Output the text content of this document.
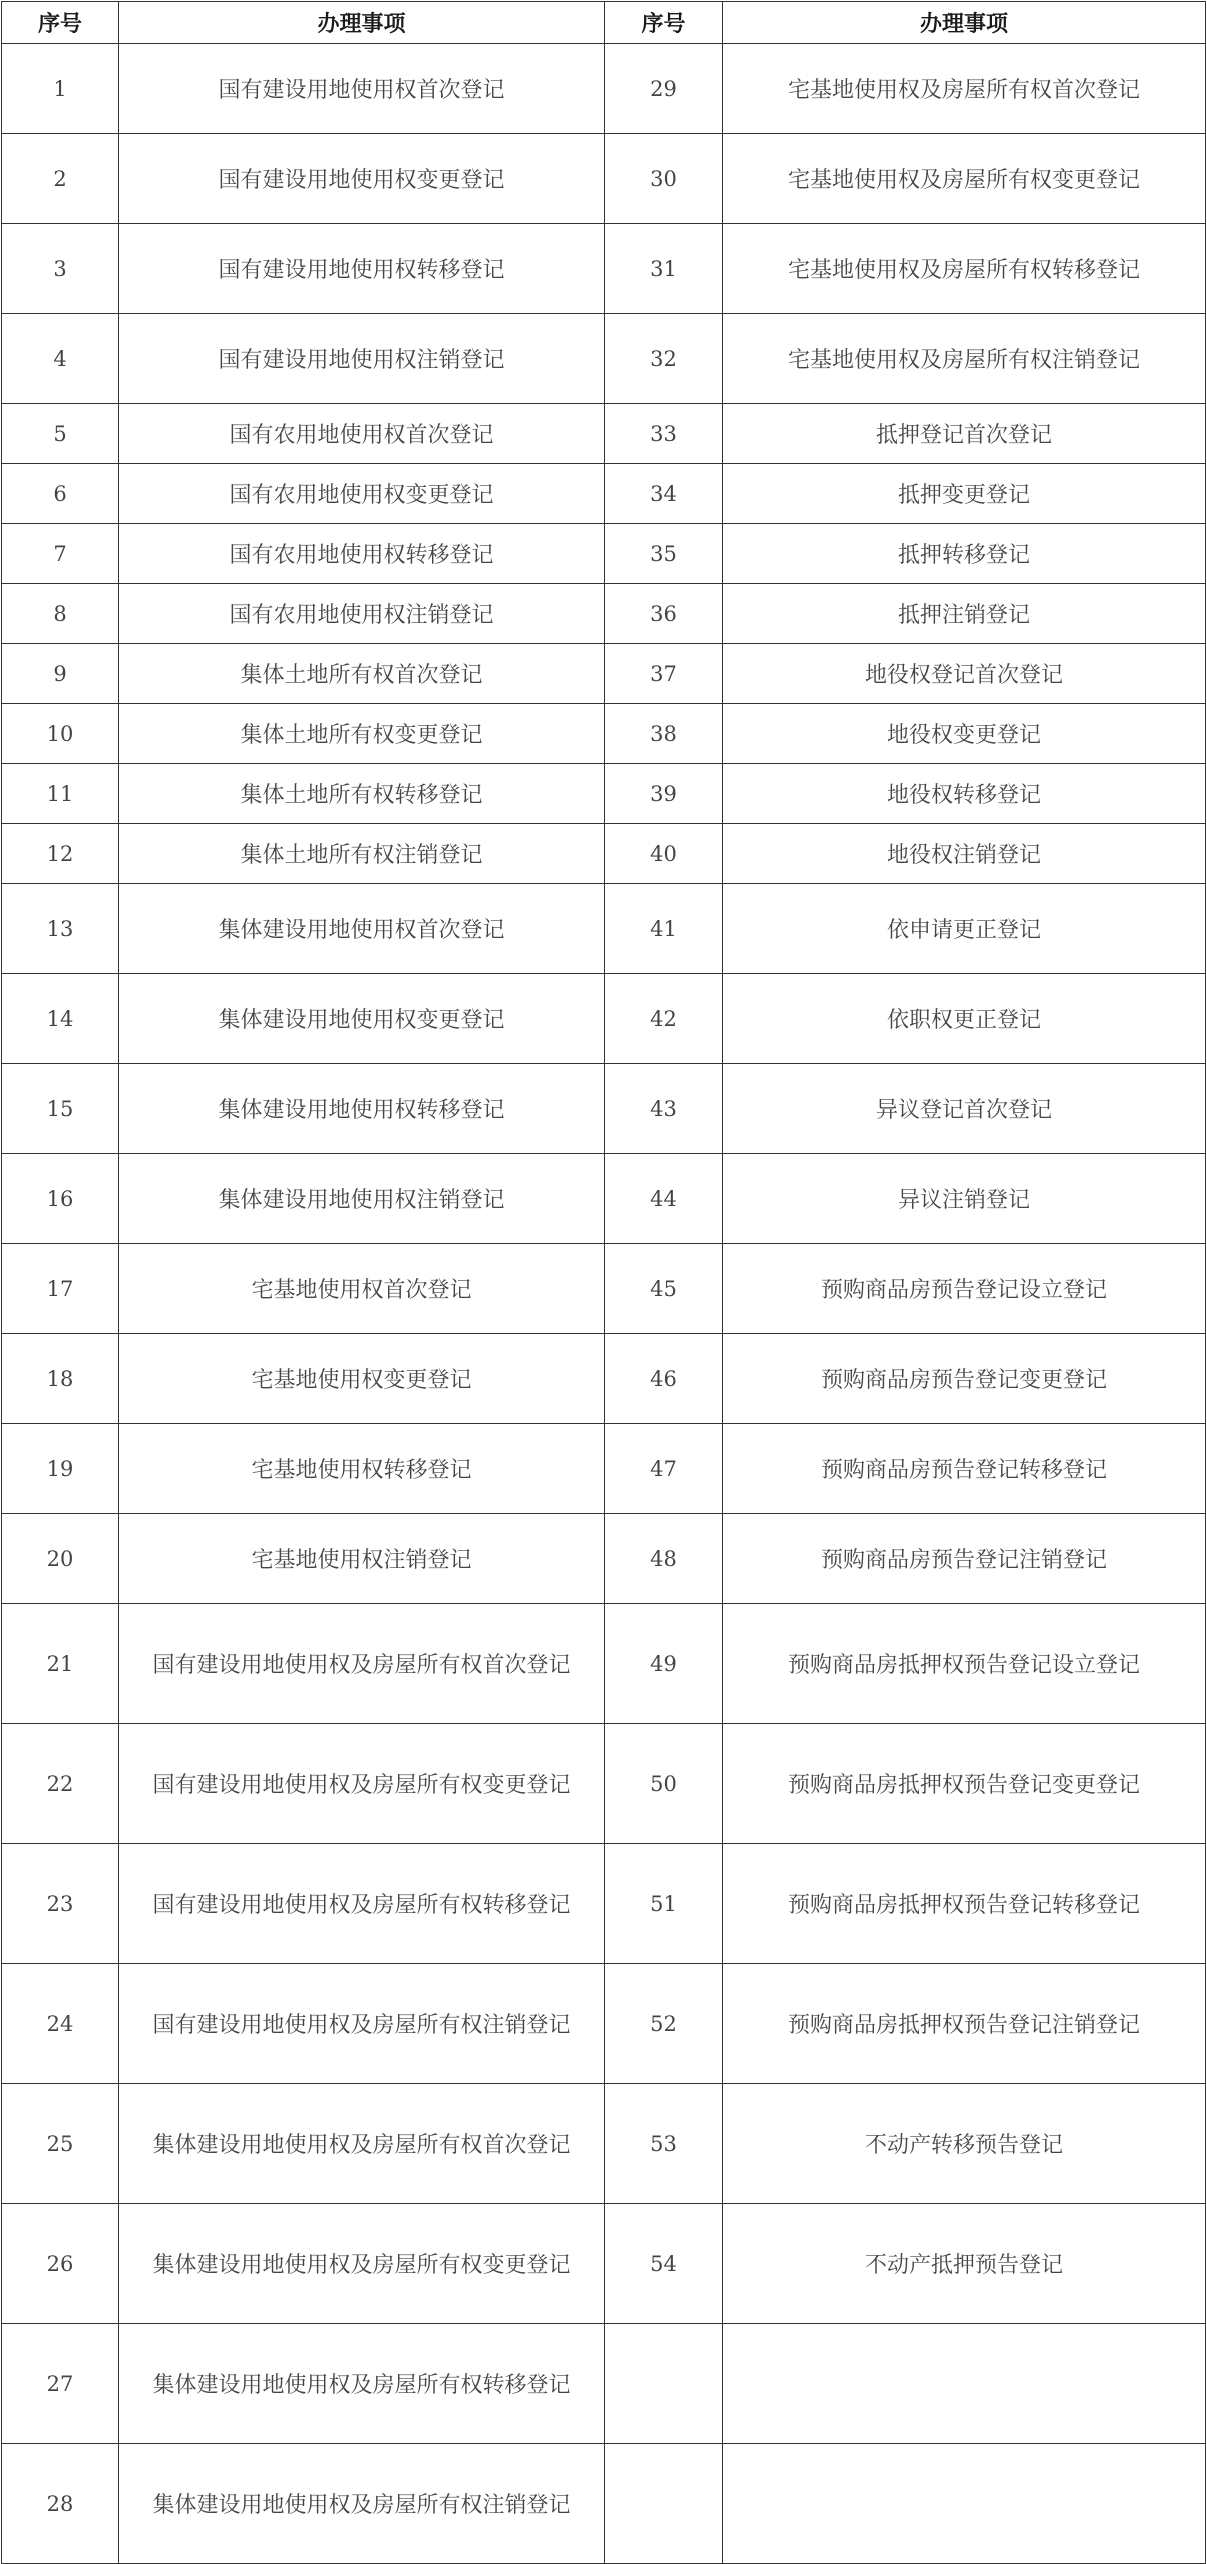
序号	办理事项	序号	办理事项
1	国有建设用地使用权首次登记	29	宅基地使用权及房屋所有权首次登记
2	国有建设用地使用权变更登记	30	宅基地使用权及房屋所有权变更登记
3	国有建设用地使用权转移登记	31	宅基地使用权及房屋所有权转移登记
4	国有建设用地使用权注销登记	32	宅基地使用权及房屋所有权注销登记
5	国有农用地使用权首次登记	33	抵押登记首次登记
6	国有农用地使用权变更登记	34	抵押变更登记
7	国有农用地使用权转移登记	35	抵押转移登记
8	国有农用地使用权注销登记	36	抵押注销登记
9	集体土地所有权首次登记	37	地役权登记首次登记
10	集体土地所有权变更登记	38	地役权变更登记
11	集体土地所有权转移登记	39	地役权转移登记
12	集体土地所有权注销登记	40	地役权注销登记
13	集体建设用地使用权首次登记	41	依申请更正登记
14	集体建设用地使用权变更登记	42	依职权更正登记
15	集体建设用地使用权转移登记	43	异议登记首次登记
16	集体建设用地使用权注销登记	44	异议注销登记
17	宅基地使用权首次登记	45	预购商品房预告登记设立登记
18	宅基地使用权变更登记	46	预购商品房预告登记变更登记
19	宅基地使用权转移登记	47	预购商品房预告登记转移登记
20	宅基地使用权注销登记	48	预购商品房预告登记注销登记
21	国有建设用地使用权及房屋所有权首次登记	49	预购商品房抵押权预告登记设立登记
22	国有建设用地使用权及房屋所有权变更登记	50	预购商品房抵押权预告登记变更登记
23	国有建设用地使用权及房屋所有权转移登记	51	预购商品房抵押权预告登记转移登记
24	国有建设用地使用权及房屋所有权注销登记	52	预购商品房抵押权预告登记注销登记
25	集体建设用地使用权及房屋所有权首次登记	53	不动产转移预告登记
26	集体建设用地使用权及房屋所有权变更登记	54	不动产抵押预告登记
27	集体建设用地使用权及房屋所有权转移登记		
28	集体建设用地使用权及房屋所有权注销登记		
